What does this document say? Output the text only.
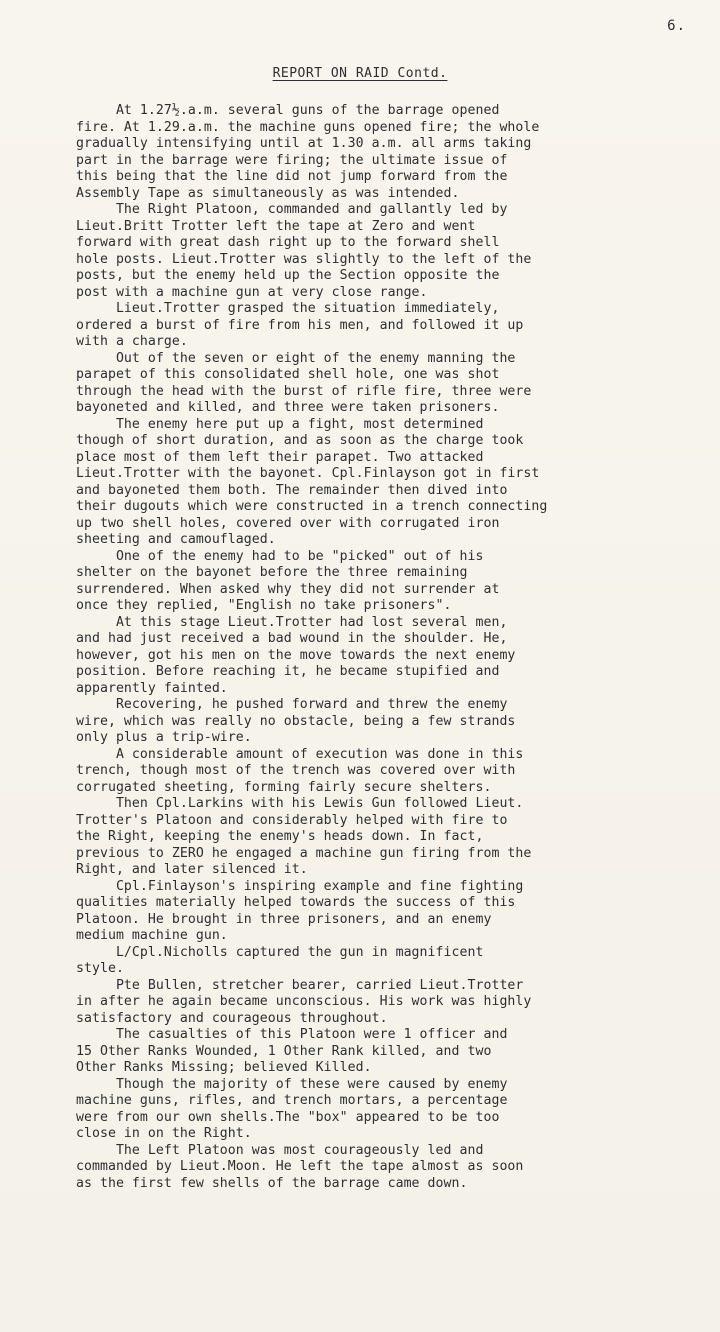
6.
REPORT ON RAID Contd.
At 1.27½.a.m. several guns of the barrage opened
fire. At 1.29.a.m. the machine guns opened fire; the whole
gradually intensifying until at 1.30 a.m. all arms taking
part in the barrage were firing; the ultimate issue of
this being that the line did not jump forward from the
Assembly Tape as simultaneously as was intended.
The Right Platoon, commanded and gallantly led by
Lieut.Britt Trotter left the tape at Zero and went
forward with great dash right up to the forward shell
hole posts. Lieut.Trotter was slightly to the left of the
posts, but the enemy held up the Section opposite the
post with a machine gun at very close range.
Lieut.Trotter grasped the situation immediately,
ordered a burst of fire from his men, and followed it up
with a charge.
Out of the seven or eight of the enemy manning the
parapet of this consolidated shell hole, one was shot
through the head with the burst of rifle fire, three were
bayoneted and killed, and three were taken prisoners.
The enemy here put up a fight, most determined
though of short duration, and as soon as the charge took
place most of them left their parapet. Two attacked
Lieut.Trotter with the bayonet. Cpl.Finlayson got in first
and bayoneted them both. The remainder then dived into
their dugouts which were constructed in a trench connecting
up two shell holes, covered over with corrugated iron
sheeting and camouflaged.
One of the enemy had to be "picked" out of his
shelter on the bayonet before the three remaining
surrendered. When asked why they did not surrender at
once they replied, "English no take prisoners".
At this stage Lieut.Trotter had lost several men,
and had just received a bad wound in the shoulder. He,
however, got his men on the move towards the next enemy
position. Before reaching it, he became stupified and
apparently fainted.
Recovering, he pushed forward and threw the enemy
wire, which was really no obstacle, being a few strands
only plus a trip-wire.
A considerable amount of execution was done in this
trench, though most of the trench was covered over with
corrugated sheeting, forming fairly secure shelters.
Then Cpl.Larkins with his Lewis Gun followed Lieut.
Trotter's Platoon and considerably helped with fire to
the Right, keeping the enemy's heads down. In fact,
previous to ZERO he engaged a machine gun firing from the
Right, and later silenced it.
Cpl.Finlayson's inspiring example and fine fighting
qualities materially helped towards the success of this
Platoon. He brought in three prisoners, and an enemy
medium machine gun.
L/Cpl.Nicholls captured the gun in magnificent
style.
Pte Bullen, stretcher bearer, carried Lieut.Trotter
in after he again became unconscious. His work was highly
satisfactory and courageous throughout.
The casualties of this Platoon were 1 officer and
15 Other Ranks Wounded, 1 Other Rank killed, and two
Other Ranks Missing; believed Killed.
Though the majority of these were caused by enemy
machine guns, rifles, and trench mortars, a percentage
were from our own shells.The "box" appeared to be too
close in on the Right.
The Left Platoon was most courageously led and
commanded by Lieut.Moon. He left the tape almost as soon
as the first few shells of the barrage came down.
